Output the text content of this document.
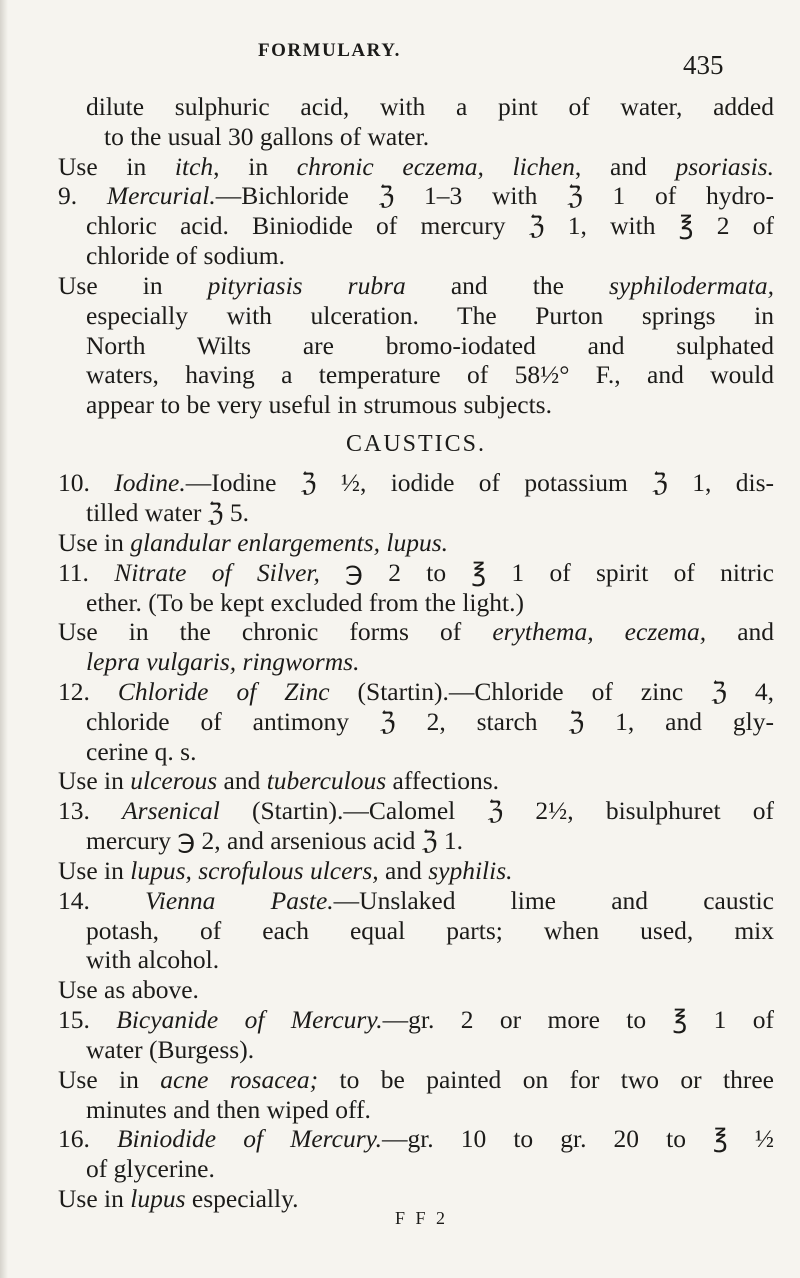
FORMULARY.	435
dilute sulphuric acid, with a pint of water, added
to the usual 30 gallons of water.
Use in itch, in chronic eczema, lichen, and psoriasis.
9. Mercurial.—Bichloride ℨ 1–3 with ℨ 1 of hydro-
chloric acid. Biniodide of mercury ℨ 1, with ℥ 2 of
chloride of sodium.
Use in pityriasis rubra and the syphilodermata,
especially with ulceration. The Purton springs in
North Wilts are bromo-iodated and sulphated
waters, having a temperature of 58½° F., and would
appear to be very useful in strumous subjects.
CAUSTICS.
10. Iodine.—Iodine ℨ ½, iodide of potassium ℨ 1, dis-
tilled water ℨ 5.
Use in glandular enlargements, lupus.
11. Nitrate of Silver, ℈ 2 to ℥ 1 of spirit of nitric
ether. (To be kept excluded from the light.)
Use in the chronic forms of erythema, eczema, and
lepra vulgaris, ringworms.
12. Chloride of Zinc (Startin).—Chloride of zinc ℨ 4,
chloride of antimony ℨ 2, starch ℨ 1, and gly-
cerine q. s.
Use in ulcerous and tuberculous affections.
13. Arsenical (Startin).—Calomel ℨ 2½, bisulphuret of
mercury ℈ 2, and arsenious acid ℨ 1.
Use in lupus, scrofulous ulcers, and syphilis.
14. Vienna Paste.—Unslaked lime and caustic
potash, of each equal parts; when used, mix
with alcohol.
Use as above.
15. Bicyanide of Mercury.—gr. 2 or more to ℥ 1 of
water (Burgess).
Use in acne rosacea; to be painted on for two or three
minutes and then wiped off.
16. Biniodide of Mercury.—gr. 10 to gr. 20 to ℥ ½
of glycerine.
Use in lupus especially.
F F 2
